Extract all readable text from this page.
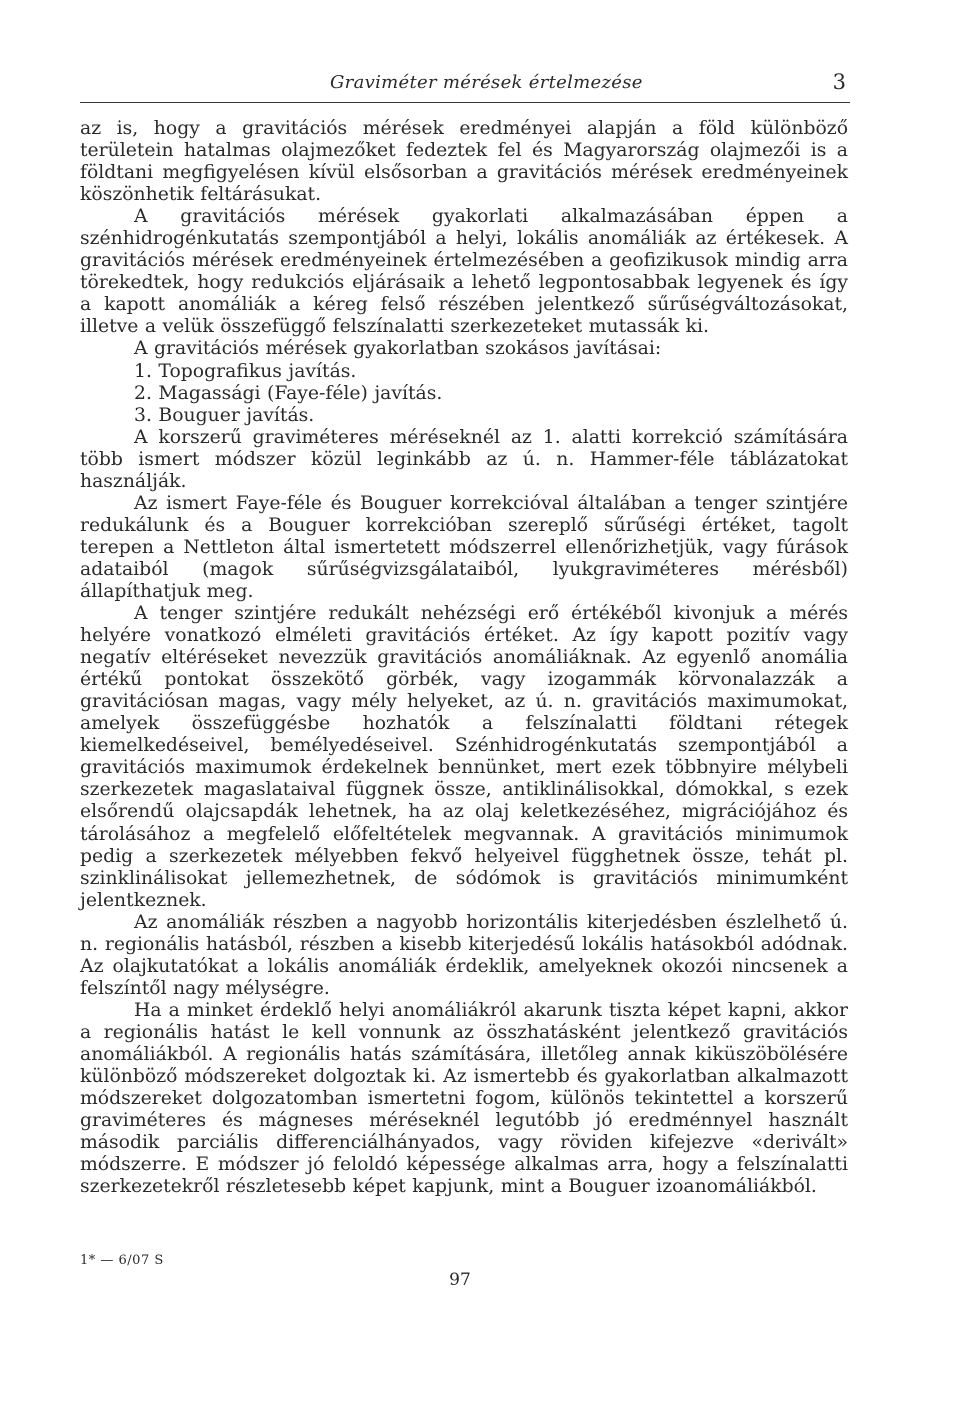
Graviméter mérések értelmezése	3

az is, hogy a gravitációs mérések eredményei alapján a föld különböző területein hatalmas olajmezőket fedeztek fel és Magyarország olajmezői is a földtani megfigyelésen kívül elsősorban a gravitációs mérések eredményeinek köszönhetik feltárásukat.

A gravitációs mérések gyakorlati alkalmazásában éppen a szénhidrogénkutatás szempontjából a helyi, lokális anomáliák az értékesek. A gravitációs mérések eredményeinek értelmezésében a geofizikusok mindig arra törekedtek, hogy redukciós eljárásaik a lehető legpontosabbak legyenek és így a kapott anomáliák a kéreg felső részében jelentkező sűrűségváltozásokat, illetve a velük összefüggő felszínalatti szerkezeteket mutassák ki.

A gravitációs mérések gyakorlatban szokásos javításai:

1. Topografikus javítás.

2. Magassági (Faye-féle) javítás.

3. Bouguer javítás.

A korszerű graviméteres méréseknél az 1. alatti korrekció számítására több ismert módszer közül leginkább az ú. n. Hammer-féle táblázatokat használják.

Az ismert Faye-féle és Bouguer korrekcióval általában a tenger szintjére redukálunk és a Bouguer korrekcióban szereplő sűrűségi értéket, tagolt terepen a Nettleton által ismertetett módszerrel ellenőrizhetjük, vagy fúrások adataiból (magok sűrűségvizsgálataiból, lyukgraviméteres mérésből) állapíthatjuk meg.

A tenger szintjére redukált nehézségi erő értékéből kivonjuk a mérés helyére vonatkozó elméleti gravitációs értéket. Az így kapott pozitív vagy negatív eltéréseket nevezzük gravitációs anomáliáknak. Az egyenlő anomália értékű pontokat összekötő görbék, vagy izogammák körvonalazzák a gravitációsan magas, vagy mély helyeket, az ú. n. gravitációs maximumokat, amelyek összefüggésbe hozhatók a felszínalatti földtani rétegek kiemelkedéseivel, bemélyedéseivel. Szénhidrogénkutatás szempontjából a gravitációs maximumok érdekelnek bennünket, mert ezek többnyire mélybeli szerkezetek magaslataival függnek össze, antiklinálisokkal, dómokkal, s ezek elsőrendű olajcsapdák lehetnek, ha az olaj keletkezéséhez, migrációjához és tárolásához a megfelelő előfeltételek megvannak. A gravitációs minimumok pedig a szerkezetek mélyebben fekvő helyeivel függhetnek össze, tehát pl. szinklinálisokat jellemezhetnek, de sódómok is gravitációs minimumként jelentkeznek.

Az anomáliák részben a nagyobb horizontális kiterjedésben észlelhető ú. n. regionális hatásból, részben a kisebb kiterjedésű lokális hatásokból adódnak. Az olajkutatókat a lokális anomáliák érdeklik, amelyeknek okozói nincsenek a felszíntől nagy mélységre.

Ha a minket érdeklő helyi anomáliákról akarunk tiszta képet kapni, akkor a regionális hatást le kell vonnunk az összhatásként jelentkező gravitációs anomáliákból. A regionális hatás számítására, illetőleg annak kiküszöbölésére különböző módszereket dolgoztak ki. Az ismertebb és gyakorlatban alkalmazott módszereket dolgozatomban ismertetni fogom, különös tekintettel a korszerű graviméteres és mágneses méréseknél legutóbb jó eredménnyel használt második parciális differenciálhányados, vagy röviden kifejezve «derivált» módszerre. E módszer jó feloldó képessége alkalmas arra, hogy a felszínalatti szerkezetekről részletesebb képet kapjunk, mint a Bouguer izoanomáliákból.

1* — 6/07 S
97
